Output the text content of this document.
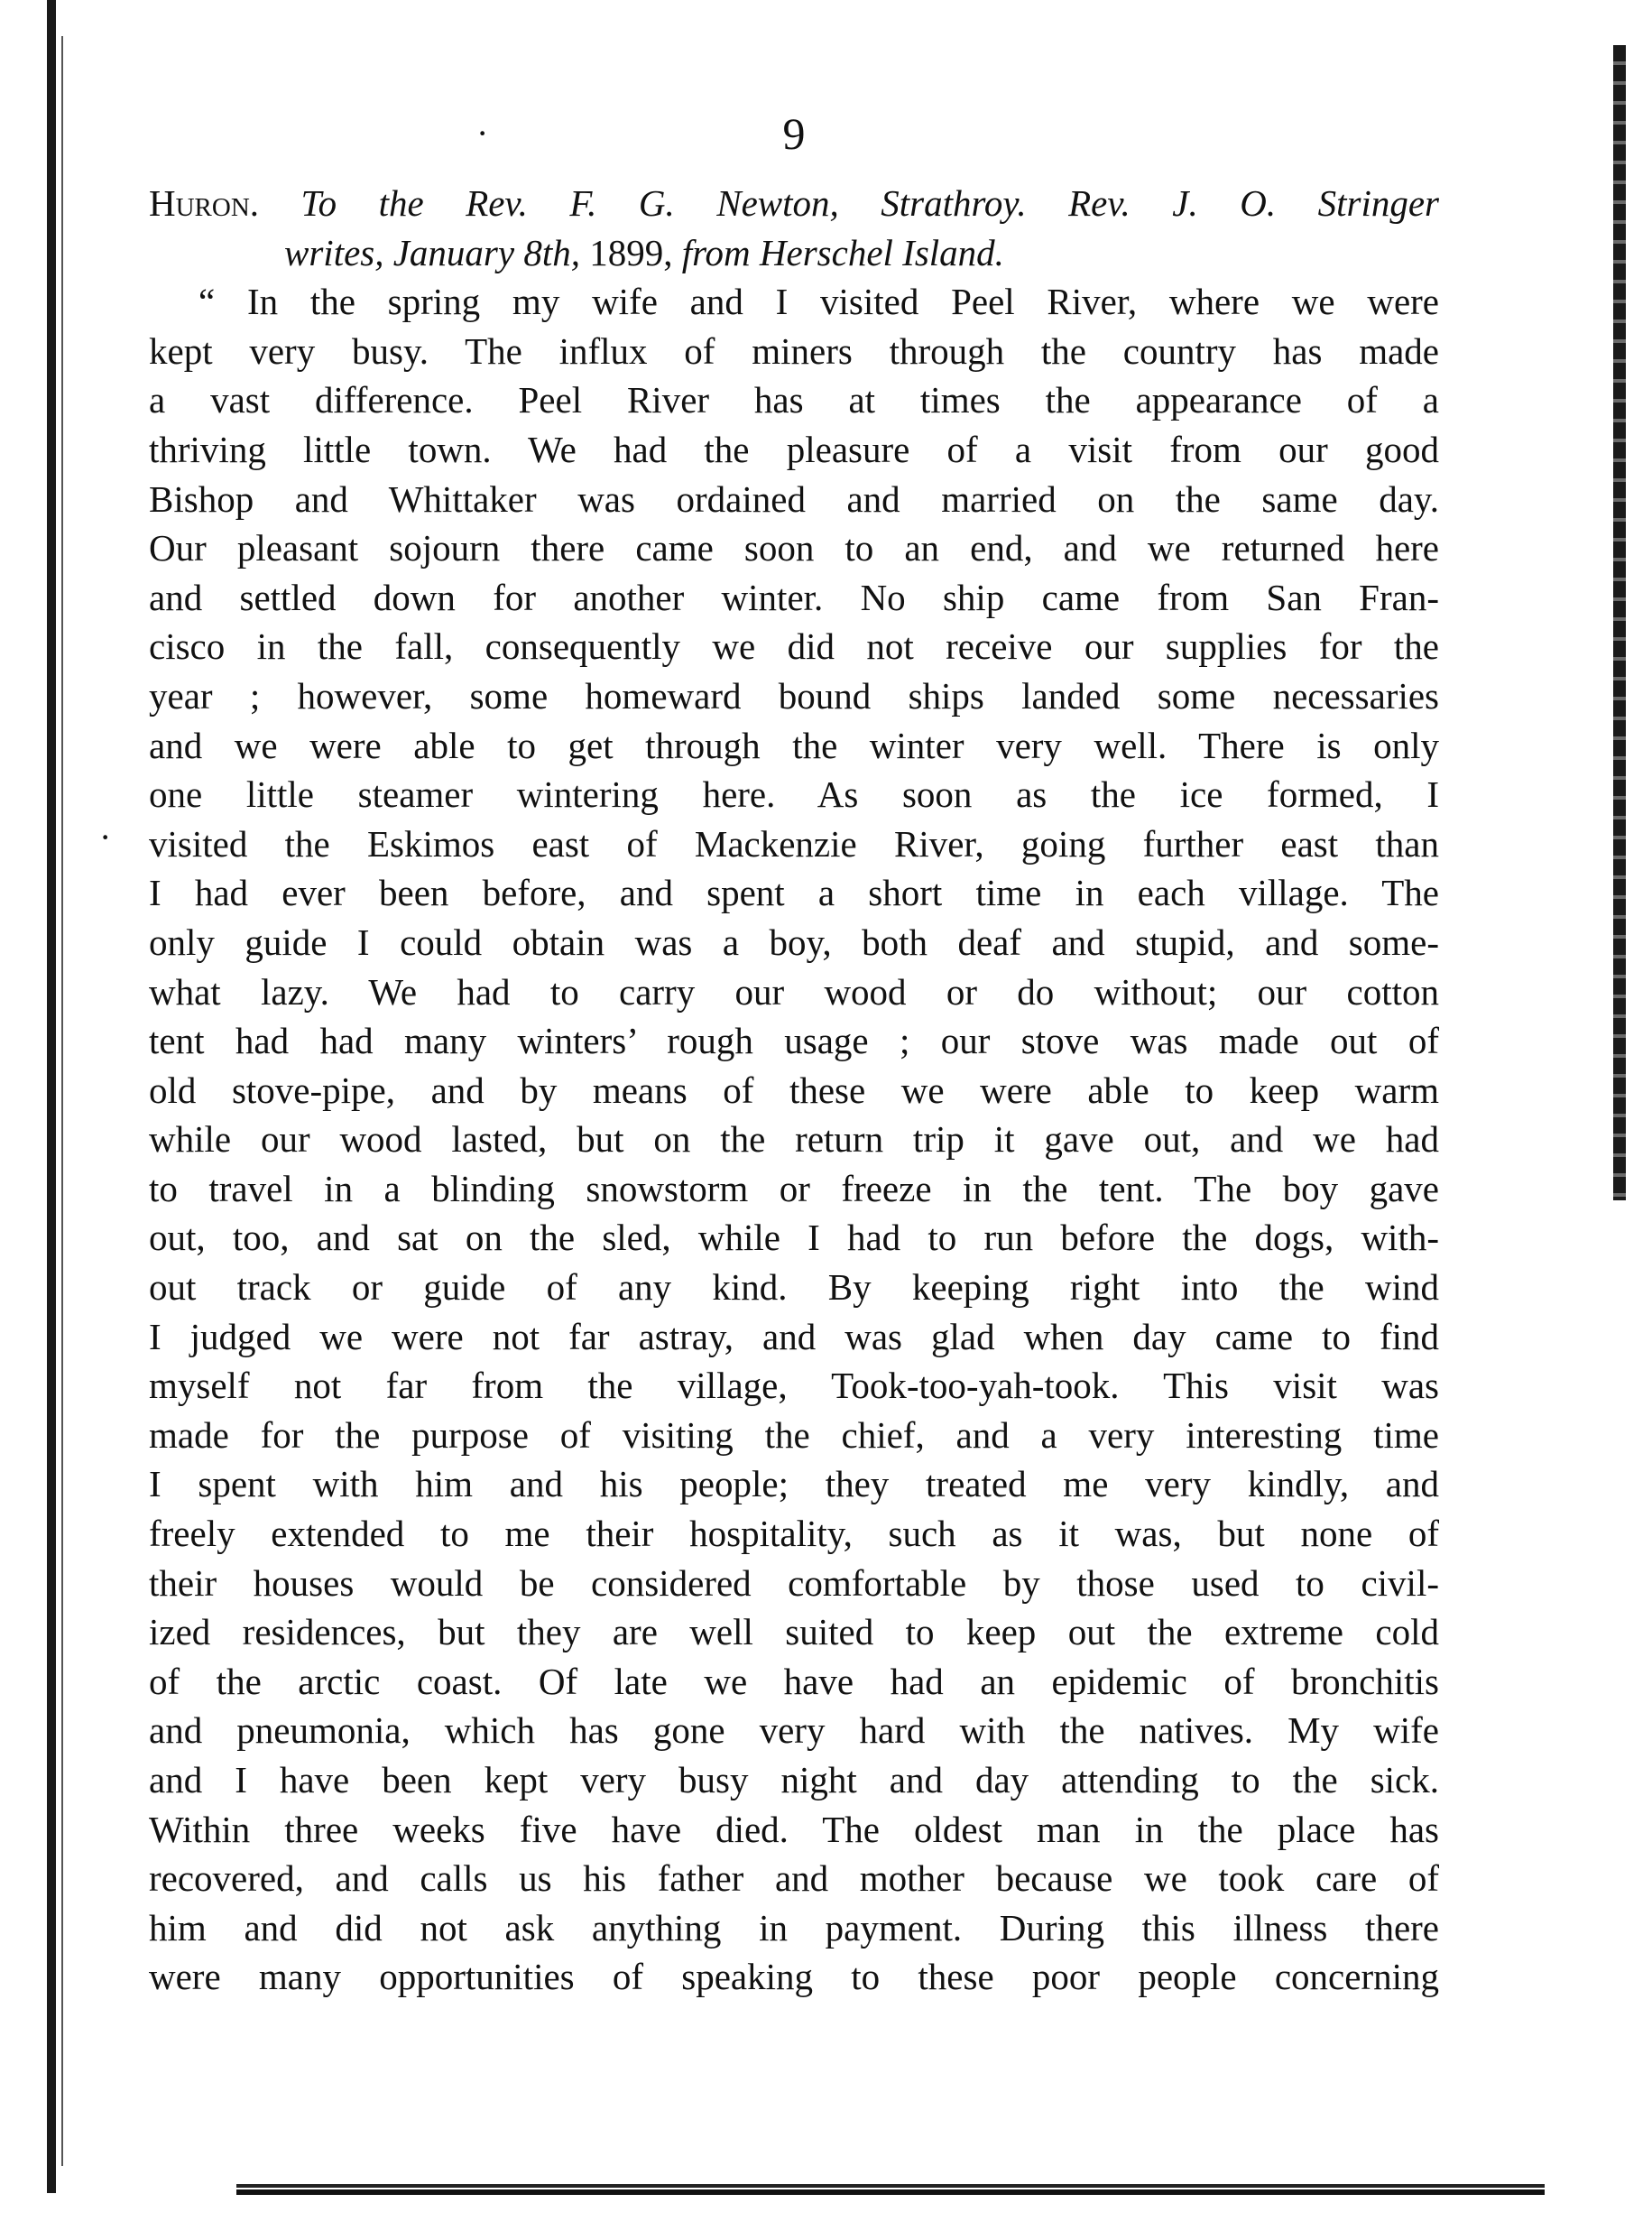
·
·
9
Huron. To the Rev. F. G. Newton, Strathroy. Rev. J. O. Stringer
writes, January 8th, 1899, from Herschel Island.
“ In the spring my wife and I visited Peel River, where we were
kept very busy. The influx of miners through the country has made
a vast difference. Peel River has at times the appearance of a
thriving little town. We had the pleasure of a visit from our good
Bishop and Whittaker was ordained and married on the same day.
Our pleasant sojourn there came soon to an end, and we returned here
and settled down for another winter. No ship came from San Fran-
cisco in the fall, consequently we did not receive our supplies for the
year ; however, some homeward bound ships landed some necessaries
and we were able to get through the winter very well. There is only
one little steamer wintering here. As soon as the ice formed, I
visited the Eskimos east of Mackenzie River, going further east than
I had ever been before, and spent a short time in each village. The
only guide I could obtain was a boy, both deaf and stupid, and some-
what lazy. We had to carry our wood or do without; our cotton
tent had had many winters’ rough usage ; our stove was made out of
old stove-pipe, and by means of these we were able to keep warm
while our wood lasted, but on the return trip it gave out, and we had
to travel in a blinding snowstorm or freeze in the tent. The boy gave
out, too, and sat on the sled, while I had to run before the dogs, with-
out track or guide of any kind. By keeping right into the wind
I judged we were not far astray, and was glad when day came to find
myself not far from the village, Took-too-yah-took. This visit was
made for the purpose of visiting the chief, and a very interesting time
I spent with him and his people; they treated me very kindly, and
freely extended to me their hospitality, such as it was, but none of
their houses would be considered comfortable by those used to civil-
ized residences, but they are well suited to keep out the extreme cold
of the arctic coast. Of late we have had an epidemic of bronchitis
and pneumonia, which has gone very hard with the natives. My wife
and I have been kept very busy night and day attending to the sick.
Within three weeks five have died. The oldest man in the place has
recovered, and calls us his father and mother because we took care of
him and did not ask anything in payment. During this illness there
were many opportunities of speaking to these poor people concerning
